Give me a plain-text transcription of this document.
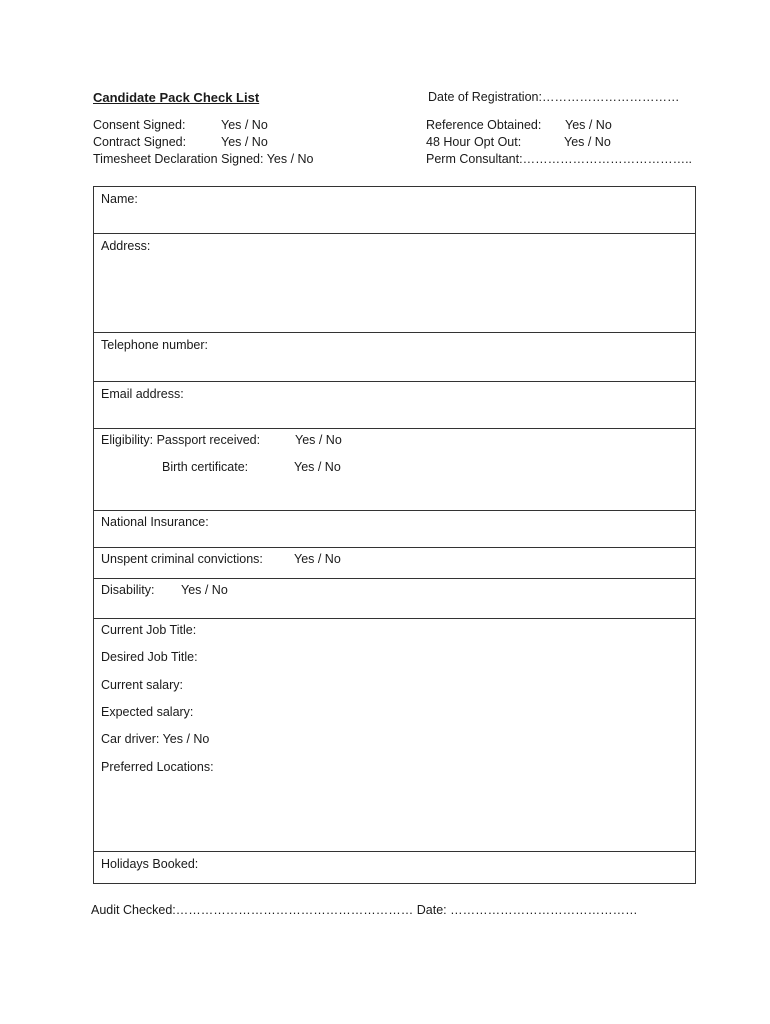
Candidate Pack Check List	Date of Registration:……………………………
Consent Signed:	Yes / No
Contract Signed:	Yes / No
Timesheet Declaration Signed: Yes / No
Reference Obtained: Yes / No
48 Hour Opt Out:	Yes / No
Perm Consultant:…………………………………..
Name:
Address:
Telephone number:
Email address:
Eligibility: Passport received:	Yes / No
Birth certificate:	Yes / No
National Insurance:
Unspent criminal convictions: Yes / No
Disability: Yes / No
Current Job Title:
Desired Job Title:
Current salary:
Expected salary:
Car driver: Yes / No
Preferred Locations:
Holidays Booked:
Audit Checked:………………………………………………… Date: ………………………………………
